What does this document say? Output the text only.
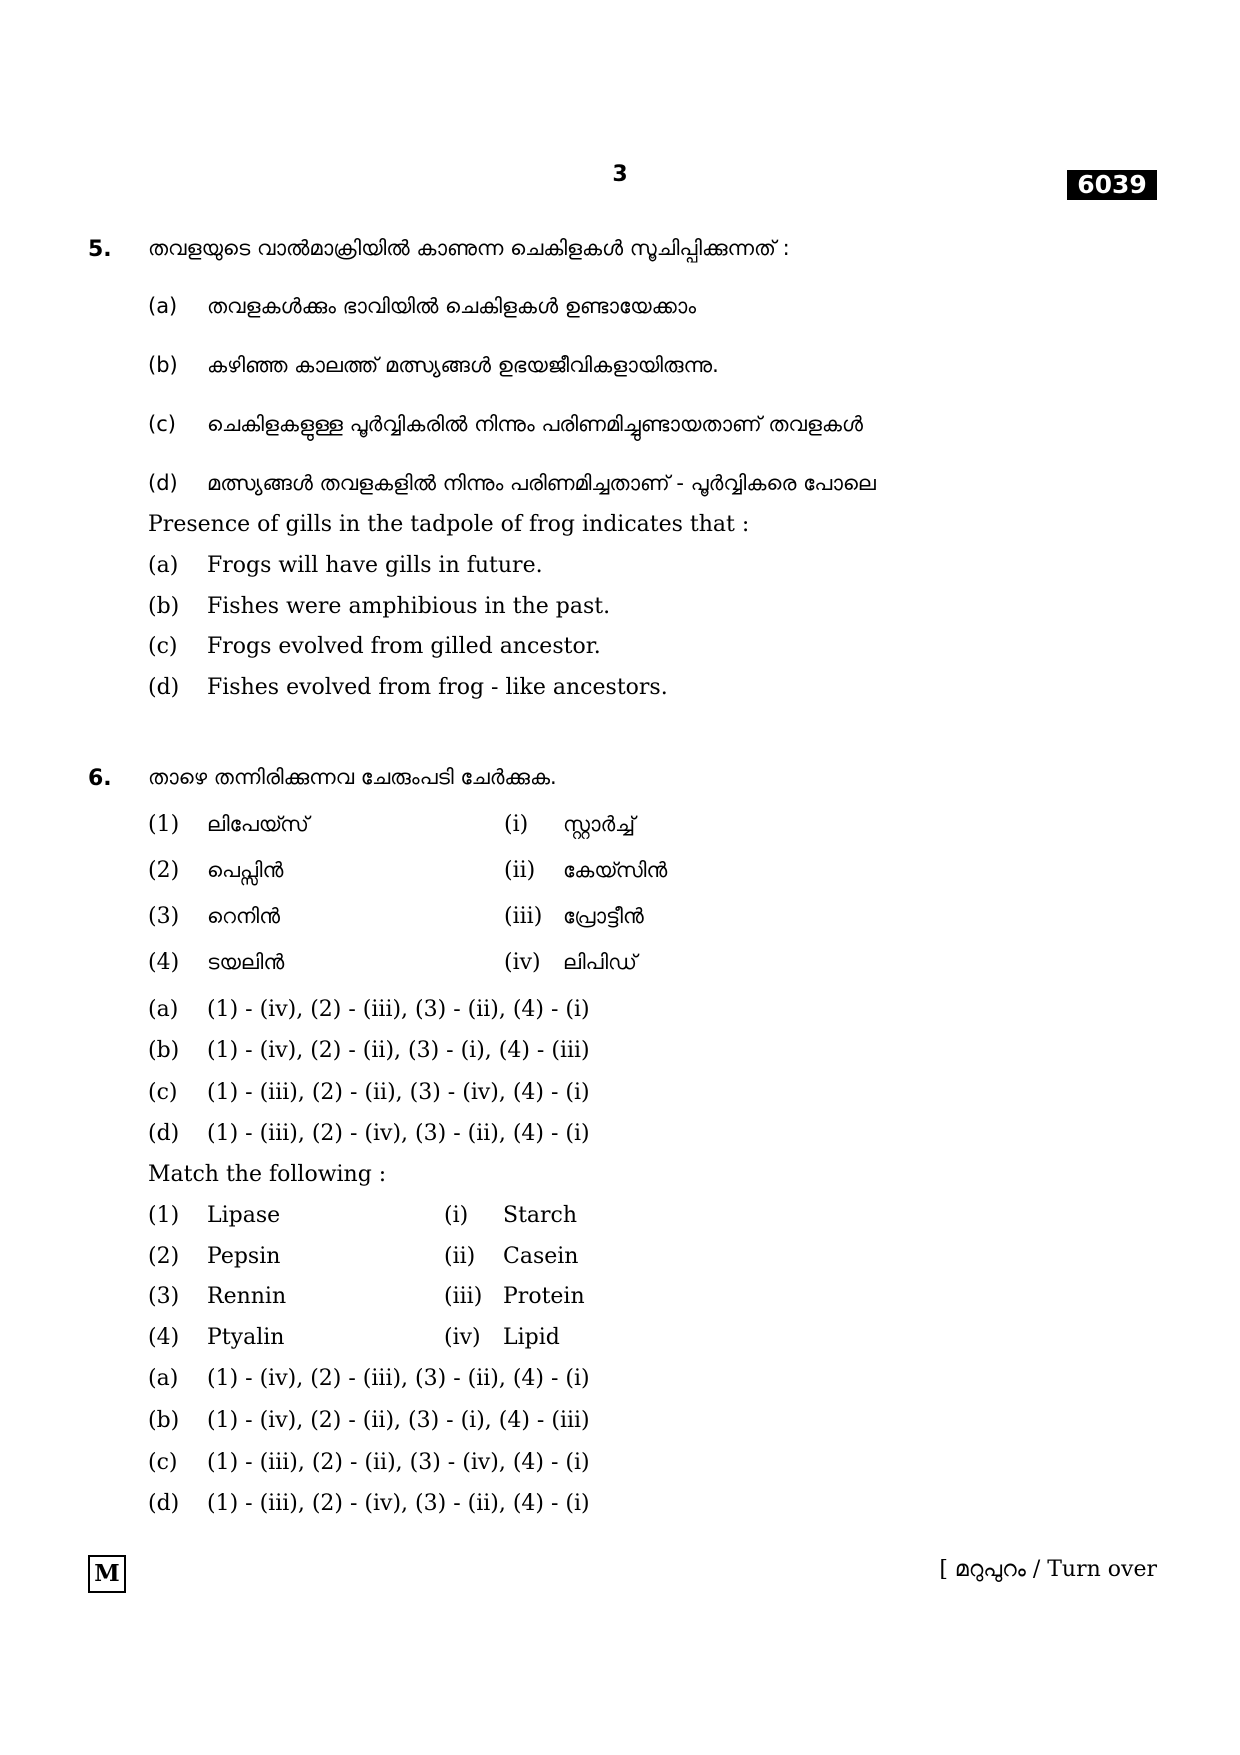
3	6039
5. തവളയുടെ വാൽമാക്രിയിൽ കാണുന്ന ചെകിളകൾ സൂചിപ്പിക്കുന്നത് :
(a) തവളകൾക്കും ഭാവിയിൽ ചെകിളകൾ ഉണ്ടായേക്കാം
(b) കഴിഞ്ഞ കാലത്ത് മത്സ്യങ്ങൾ ഉഭയജീവികളായിരുന്നു.
(c) ചെകിളകളുള്ള പൂർവ്വികരിൽ നിന്നും പരിണമിച്ചുണ്ടായതാണ് തവളകൾ
(d) മത്സ്യങ്ങൾ തവളകളിൽ നിന്നും പരിണമിച്ചതാണ് - പൂർവ്വികരെ പോലെ
Presence of gills in the tadpole of frog indicates that :
(a) Frogs will have gills in future.
(b) Fishes were amphibious in the past.
(c) Frogs evolved from gilled ancestor.
(d) Fishes evolved from frog - like ancestors.
6. താഴെ തന്നിരിക്കുന്നവ ചേരുംപടി ചേർക്കുക.
(1) ലിപേയ്സ്	(i) സ്റ്റാർച്ച്
(2) പെപ്സിൻ	(ii) കേയ്സിൻ
(3) റെനിൻ	(iii) പ്രോട്ടീൻ
(4) ടയലിൻ	(iv) ലിപിഡ്
(a) (1) - (iv), (2) - (iii), (3) - (ii), (4) - (i)
(b) (1) - (iv), (2) - (ii), (3) - (i), (4) - (iii)
(c) (1) - (iii), (2) - (ii), (3) - (iv), (4) - (i)
(d) (1) - (iii), (2) - (iv), (3) - (ii), (4) - (i)
Match the following :
(1) Lipase	(i) Starch
(2) Pepsin	(ii) Casein
(3) Rennin	(iii) Protein
(4) Ptyalin	(iv) Lipid
(a) (1) - (iv), (2) - (iii), (3) - (ii), (4) - (i)
(b) (1) - (iv), (2) - (ii), (3) - (i), (4) - (iii)
(c) (1) - (iii), (2) - (ii), (3) - (iv), (4) - (i)
(d) (1) - (iii), (2) - (iv), (3) - (ii), (4) - (i)
M	[ മറുപുറം / Turn over
